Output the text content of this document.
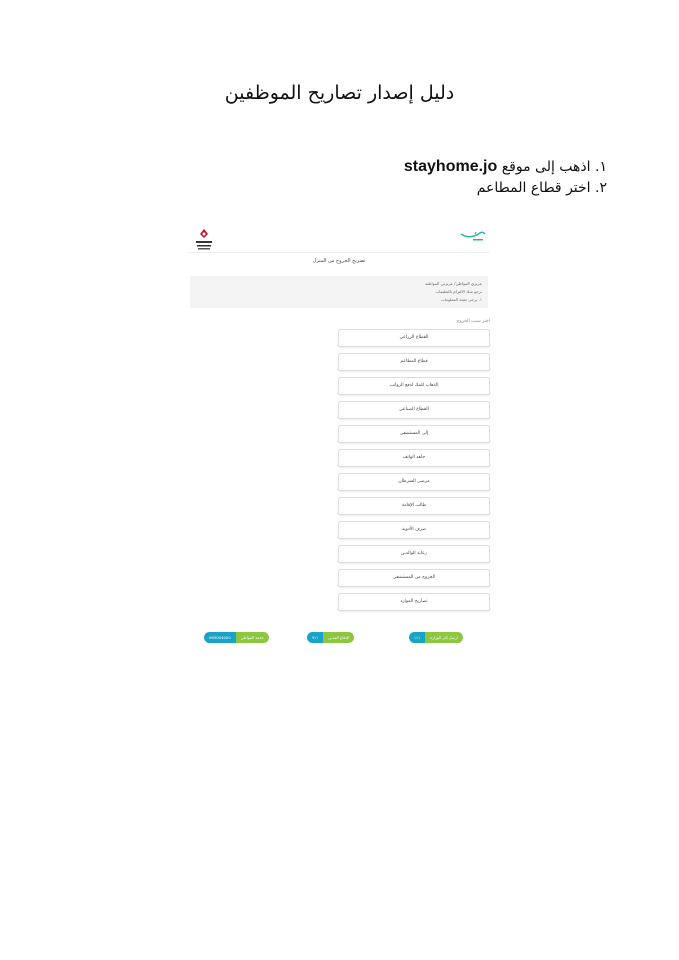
دليل إصدار تصاريح الموظفين
١. اذهب إلى موقع stayhome.jo
٢. اختر قطاع المطاعم
تصريح الخروج من المنزل
عزيزي المواطن/ عزيزتي المواطنة
نرجو منك الالتزام بالتعليمات
١. يرجى تعبئة المعلومات
اختر سبب الخروج
القطاع الزراعي
قطاع المطاعم
الذهاب للبنك لدفع الرواتب
القطاع الصناعي
إلى المستشفى
جاهد الهاتف
مرضى السرطان
طالب الإقامة
صرف الأدوية
رعاية الوالدين
الخروج من المستشفى
تصاريح الموارد
أرسل الى الوزارة
١١١
الدفاع المدني
٩١١
خدمة المواطن
065004000
